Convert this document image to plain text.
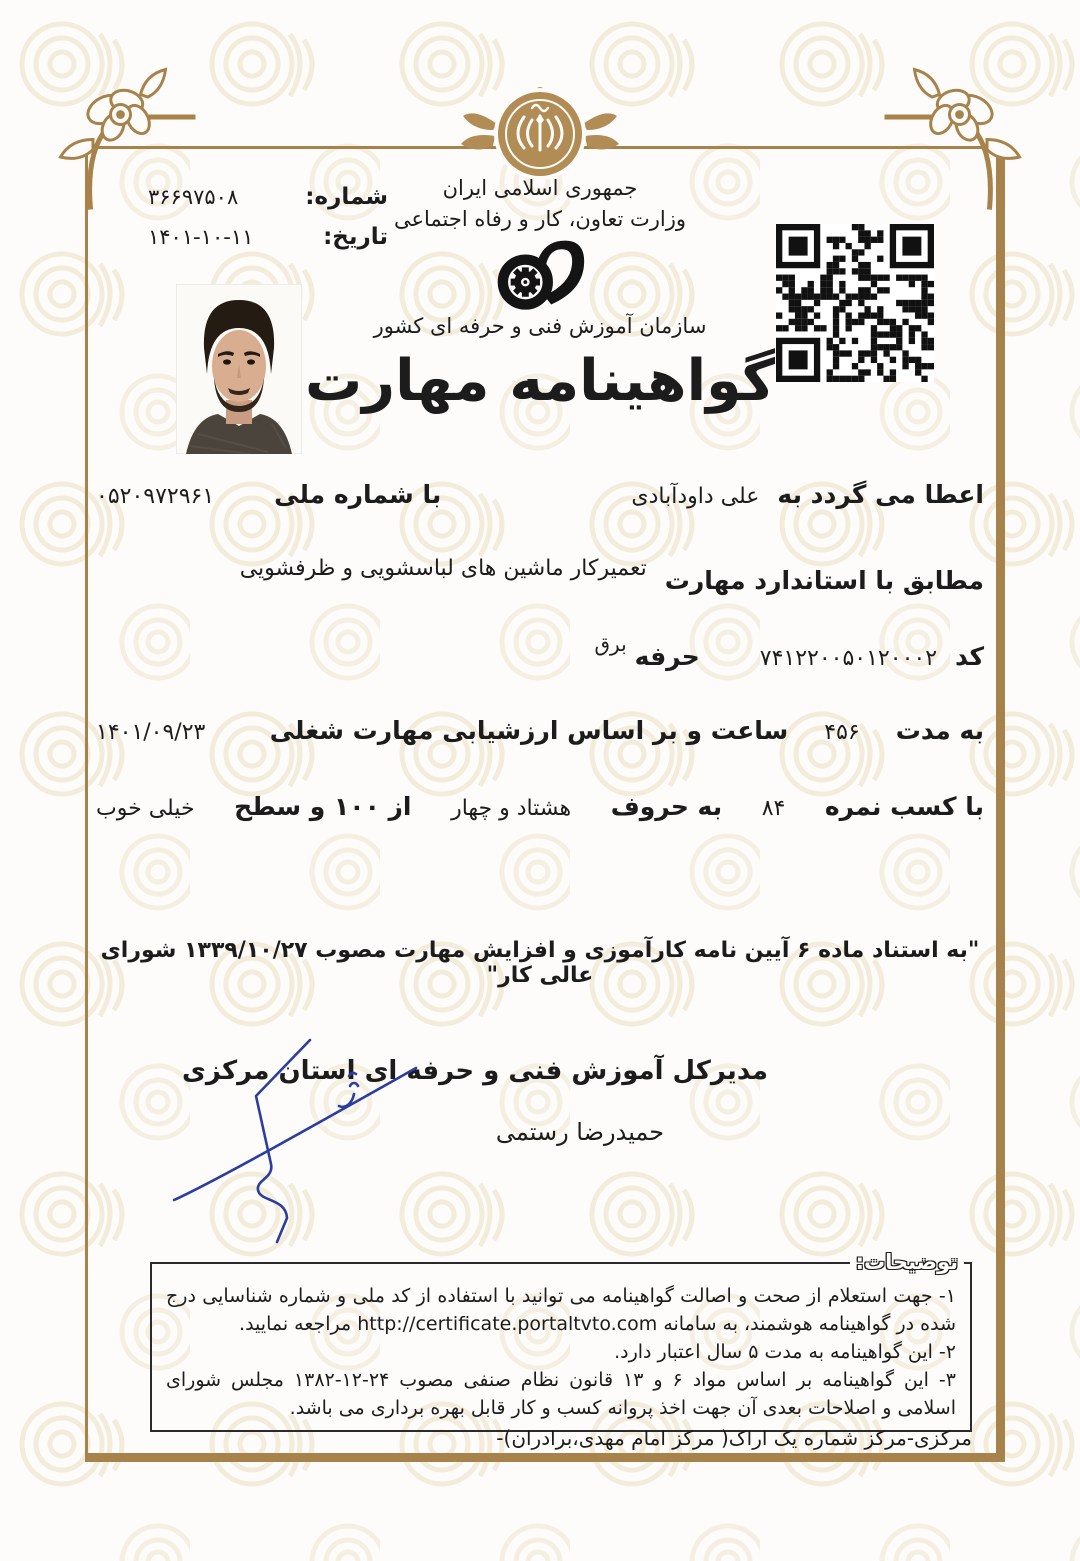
شماره:
۳۶۶۹۷۵۰۸
تاریخ:
۱۴۰۱-۱۰-۱۱
جمهوری اسلامی ایران
وزارت تعاون، کار و رفاه اجتماعی
سازمان آموزش فنی و حرفه ای کشور
گواهینامه مهارت
اعطا می گردد به
علی داودآبادی
با شماره ملی
۰۵۲۰۹۷۲۹۶۱
مطابق با استاندارد مهارت
تعمیرکار ماشین های لباسشویی و ظرفشویی
کد
۷۴۱۲۲۰۰۵۰۱۲۰۰۰۲
حرفه
برق
به مدت
۴۵۶
ساعت و بر اساس ارزشیابی مهارت شغلی
۱۴۰۱/۰۹/۲۳
با کسب نمره
۸۴
به حروف
هشتاد و چهار
از ۱۰۰ و سطح
خیلی خوب
"به استناد ماده ۶ آیین نامه کارآموزی و افزایش مهارت مصوب ۱۳۳۹/۱۰/۲۷ شورای عالی کار"
مدیرکل آموزش فنی و حرفه ای استان مرکزی
حمیدرضا رستمی
توضیحات:

۱- جهت استعلام از صحت و اصالت گواهینامه می توانید با استفاده از کد ملی و شماره شناسایی درج شده در گواهینامه هوشمند، به سامانه http://certificate.portaltvto.com مراجعه نمایید.

۲- این گواهینامه به مدت ۵ سال اعتبار دارد.

۳- این گواهینامه بر اساس مواد ۶ و ۱۳ قانون نظام صنفی مصوب ۲۴-۱۲-۱۳۸۲ مجلس شورای اسلامی و اصلاحات بعدی آن جهت اخذ پروانه کسب و کار قابل بهره برداری می باشد.

مرکزی-مرکز شماره یک اراک( مرکز امام مهدی،برادران)-
